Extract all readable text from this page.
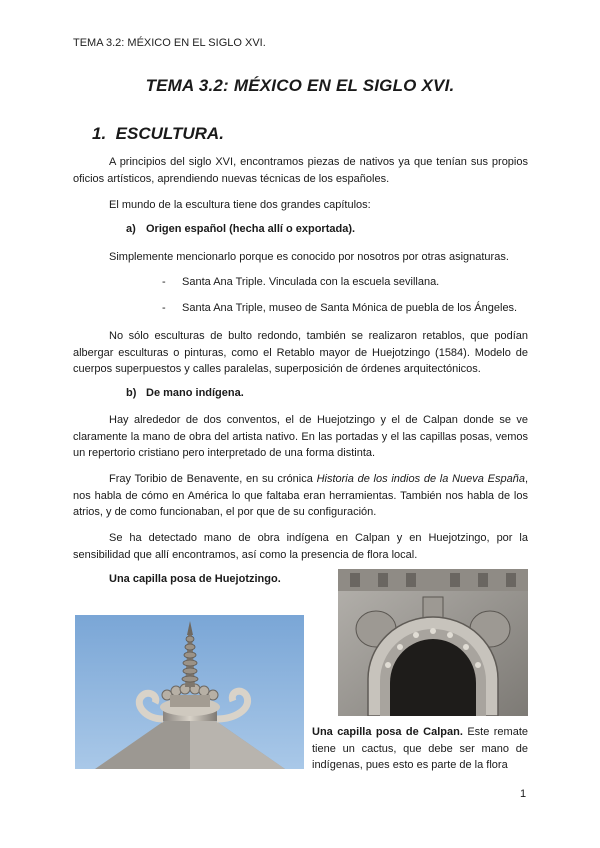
TEMA 3.2: MÉXICO EN EL SIGLO XVI.
TEMA 3.2: MÉXICO EN EL SIGLO XVI.
1. ESCULTURA.
A principios del siglo XVI, encontramos piezas de nativos ya que tenían sus propios oficios artísticos, aprendiendo nuevas técnicas de los españoles.
El mundo de la escultura tiene dos grandes capítulos:
a) Origen español (hecha allí o exportada).
Simplemente mencionarlo porque es conocido por nosotros por otras asignaturas.
- Santa Ana Triple. Vinculada con la escuela sevillana.
- Santa Ana Triple, museo de Santa Mónica de puebla de los Ángeles.
No sólo esculturas de bulto redondo, también se realizaron retablos, que podían albergar esculturas o pinturas, como el Retablo mayor de Huejotzingo (1584). Modelo de cuerpos superpuestos y calles paralelas, superposición de órdenes arquitectónicos.
b) De mano indígena.
Hay alrededor de dos conventos, el de Huejotzingo y el de Calpan donde se ve claramente la mano de obra del artista nativo. En las portadas y el las capillas posas, vemos un repertorio cristiano pero interpretado de una forma distinta.
Fray Toribio de Benavente, en su crónica Historia de los indios de la Nueva España, nos habla de cómo en América lo que faltaba eran herramientas. También nos habla de los atrios, y de como funcionaban, el por que de su configuración.
Se ha detectado mano de obra indígena en Calpan y en Huejotzingo, por la sensibilidad que allí encontramos, así como la presencia de flora local.
Una capilla posa de Huejotzingo.
Una capilla posa de Calpan. Este remate tiene un cactus, que debe ser mano de indígenas, pues esto es parte de la flora
1
